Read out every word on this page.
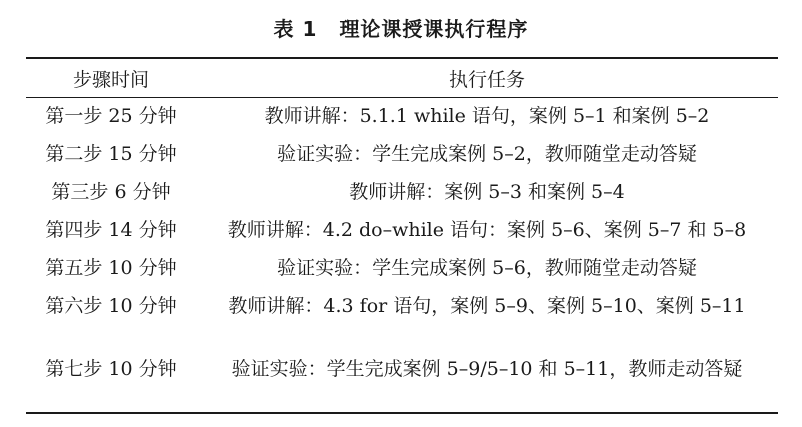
表 1 理论课授课执行程序
步骤时间	执行任务
第一步 25 分钟	教师讲解：5.1.1 while 语句，案例 5–1 和案例 5–2
第二步 15 分钟	验证实验：学生完成案例 5–2，教师随堂走动答疑
第三步 6 分钟	教师讲解：案例 5–3 和案例 5–4
第四步 14 分钟	教师讲解：4.2 do–while 语句：案例 5–6、案例 5–7 和 5–8
第五步 10 分钟	验证实验：学生完成案例 5–6，教师随堂走动答疑
第六步 10 分钟	教师讲解：4.3 for 语句，案例 5–9、案例 5–10、案例 5–11
第七步 10 分钟	验证实验：学生完成案例 5–9/5–10 和 5–11，教师走动答疑
